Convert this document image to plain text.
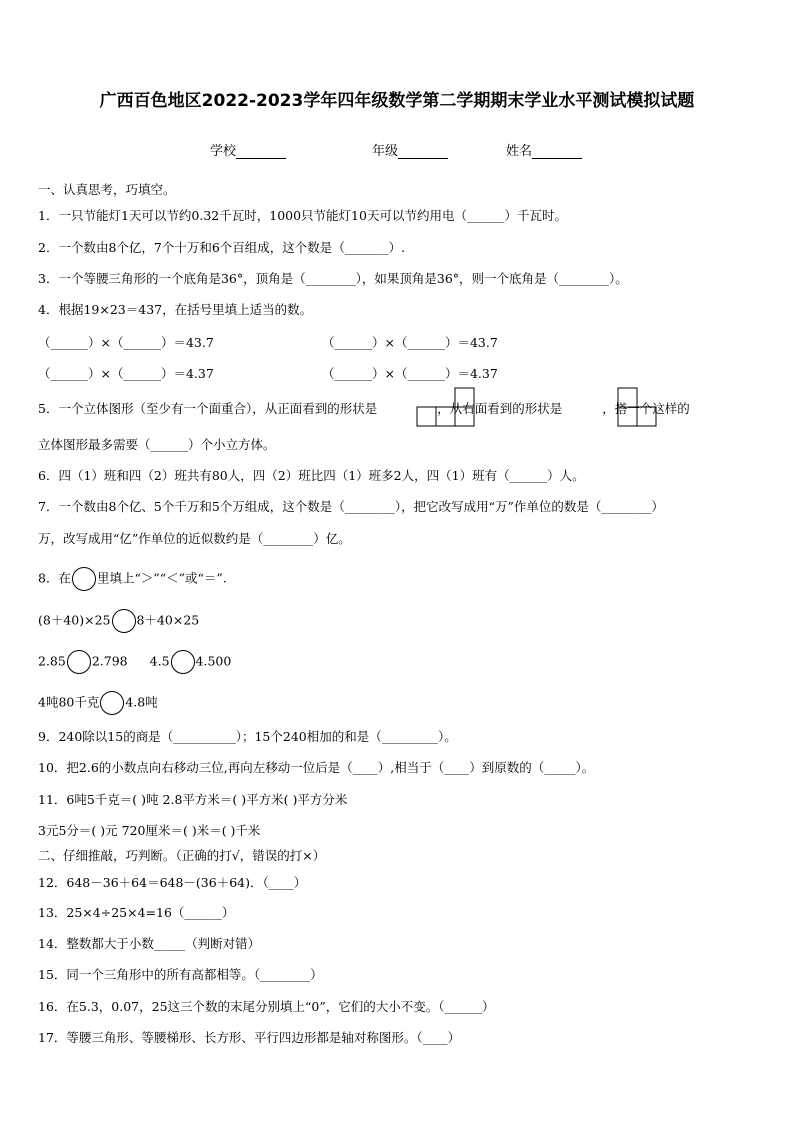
广西百色地区2022-2023学年四年级数学第二学期期末学业水平测试模拟试题
学校	年级	姓名
一、认真思考，巧填空。
1．一只节能灯1天可以节约0.32千瓦时，1000只节能灯10天可以节约用电（______）千瓦时。
2．一个数由8个亿，7个十万和6个百组成，这个数是（_______）.
3．一个等腰三角形的一个底角是36°，顶角是（________），如果顶角是36°，则一个底角是（________）。
4．根据19×23＝437，在括号里填上适当的数。
（______）×（______）＝43.7	（______）×（______）＝43.7
（______）×（______）＝4.37	（______）×（______）＝4.37
5．一个立体图形（至少有一个面重合），从正面看到的形状是	，从右面看到的形状是	，搭一个这样的
立体图形最多需要（______）个小立方体。
6．四（1）班和四（2）班共有80人，四（2）班比四（1）班多2人，四（1）班有（______）人。
7．一个数由8个亿、5个千万和5个万组成，这个数是（________），把它改写成用“万”作单位的数是（________）
万，改写成用“亿”作单位的近似数约是（________）亿。
8．在 里填上“＞”“＜”或“＝”.
(8＋40)×25 8＋40×25
2.85 2.798 4.5 4.500
4吨80千克 4.8吨
9．240除以15的商是（__________）；15个240相加的和是（_________）。
10．把2.6的小数点向右移动三位,再向左移动一位后是（____）,相当于（____）到原数的（_____）。
11．6吨5千克＝( )吨 2.8平方米＝( )平方米( )平方分米
3元5分＝( )元 720厘米＝( )米＝( )千米
二、仔细推敲，巧判断。（正确的打√，错误的打×）
12．648－36＋64＝648－(36＋64)．（____）
13．25×4÷25×4=16（______）
14．整数都大于小数_____（判断对错）
15．同一个三角形中的所有高都相等。（________）
16．在5.3，0.07，25这三个数的末尾分别填上“0”，它们的大小不变。（______）
17．等腰三角形、等腰梯形、长方形、平行四边形都是轴对称图形。（____）
